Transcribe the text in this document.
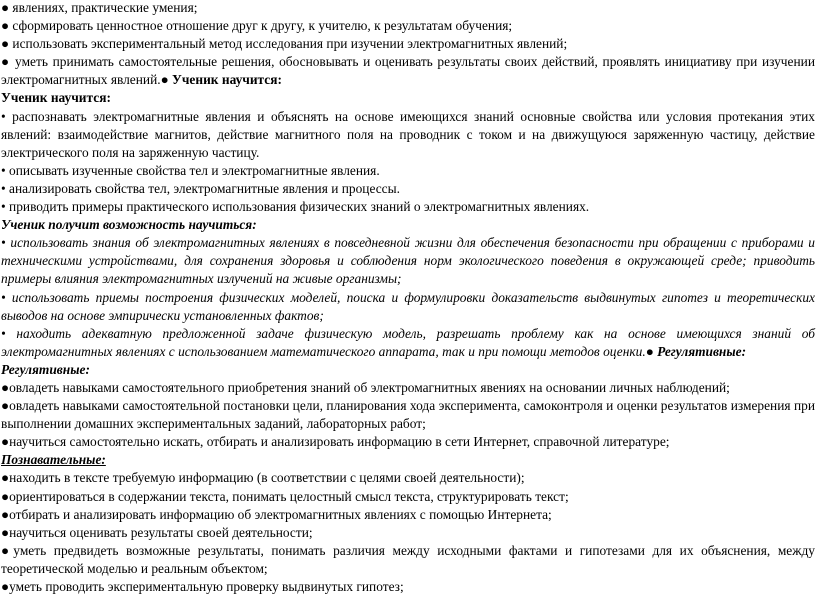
● явлениях, практические умения;

● сформировать ценностное отношение друг к другу, к учителю, к результатам обучения;

● использовать экспериментальный метод исследования при изучении электромагнитных явлений;

● уметь принимать самостоятельные решения, обосновывать и оценивать результаты своих действий, проявлять инициативу при изучении электромагнитных явлений.● Ученик научится:

Ученик научится:

• распознавать электромагнитные явления и объяснять на основе имеющихся знаний основные свойства или условия протекания этих явлений: взаимодействие магнитов, действие магнитного поля на проводник с током и на движущуюся заряженную частицу, действие электрического поля на заряженную частицу.

• описывать изученные свойства тел и электромагнитные явления.

• анализировать свойства тел, электромагнитные явления и процессы.

• приводить примеры практического использования физических знаний о электромагнитных явлениях.

Ученик получит возможность научиться:

• использовать знания об электромагнитных явлениях в повседневной жизни для обеспечения безопасности при обращении с приборами и техническими устройствами, для сохранения здоровья и соблюдения норм экологического поведения в окружающей среде; приводить примеры влияния электромагнитных излучений на живые организмы;

• использовать приемы построения физических моделей, поиска и формулировки доказательств выдвинутых гипотез и теоретических выводов на основе эмпирически установленных фактов;

• находить адекватную предложенной задаче физическую модель, разрешать проблему как на основе имеющихся знаний об электромагнитных явлениях с использованием математического аппарата, так и при помощи методов оценки.● Регулятивные:

Регулятивные:

●овладеть навыками самостоятельного приобретения знаний об электромагнитных явениях на основании личных наблюдений;

●овладеть навыками самостоятельной постановки цели, планирования хода эксперимента, самоконтроля и оценки результатов измерения при выполнении домашних экспериментальных заданий, лабораторных работ;

●научиться самостоятельно искать, отбирать и анализировать информацию в сети Интернет, справочной литературе;

Познавательные:

●находить в тексте требуемую информацию (в соответствии с целями своей деятельности);

●ориентироваться в содержании текста, понимать целостный смысл текста, структурировать текст;

●отбирать и анализировать информацию об электромагнитных явлениях с помощью Интернета;

●научиться оценивать результаты своей деятельности;

●уметь предвидеть возможные результаты, понимать различия между исходными фактами и гипотезами для их объяснения, между теоретической моделью и реальным объектом;

●уметь проводить экспериментальную проверку выдвинутых гипотез;
